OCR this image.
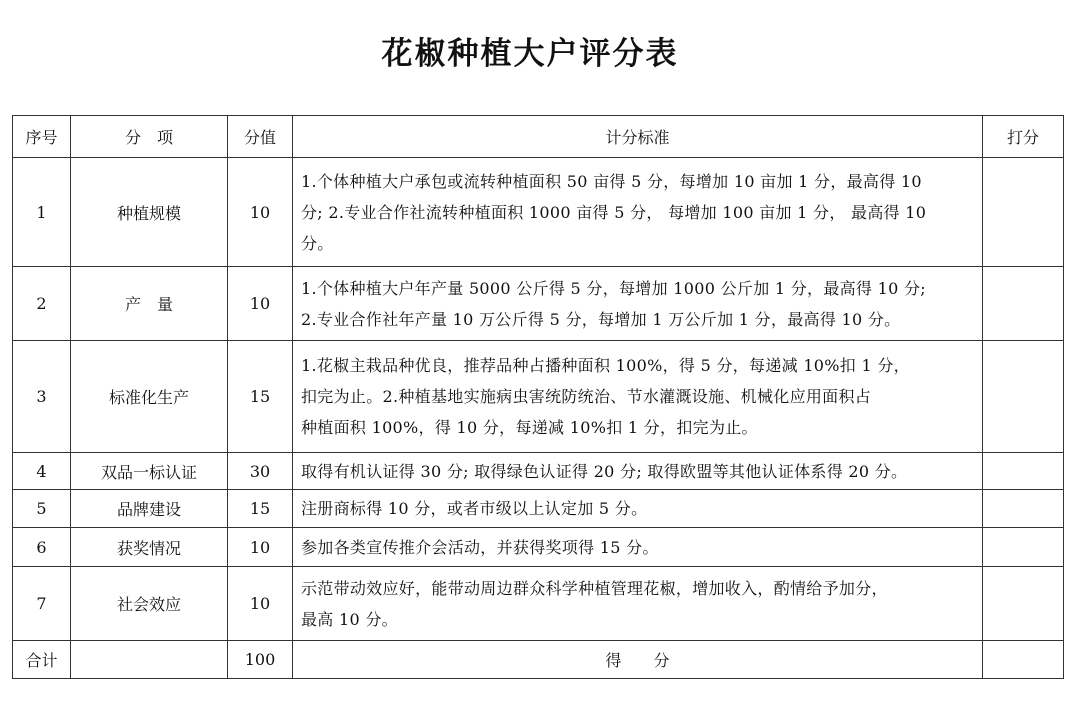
花椒种植大户评分表
序号	分　项	分值	计分标准	打分
1	种植规模	10	1.个体种植大户承包或流转种植面积 50 亩得 5 分，每增加 10 亩加 1 分，最高得 10
分; 2.专业合作社流转种植面积 1000 亩得 5 分， 每增加 100 亩加 1 分， 最高得 10
分。	

2	产　量	10	1.个体种植大户年产量 5000 公斤得 5 分，每增加 1000 公斤加 1 分，最高得 10 分;
2.专业合作社年产量 10 万公斤得 5 分，每增加 1 万公斤加 1 分，最高得 10 分。	

3	标准化生产	15	1.花椒主栽品种优良，推荐品种占播种面积 100%，得 5 分，每递减 10%扣 1 分，
扣完为止。2.种植基地实施病虫害统防统治、节水灌溉设施、机械化应用面积占
种植面积 100%，得 10 分，每递减 10%扣 1 分，扣完为止。	

4	双品一标认证	30	取得有机认证得 30 分; 取得绿色认证得 20 分; 取得欧盟等其他认证体系得 20 分。	

5	品牌建设	15	注册商标得 10 分，或者市级以上认定加 5 分。	

6	获奖情况	10	参加各类宣传推介会活动，并获得奖项得 15 分。	

7	社会效应	10	示范带动效应好，能带动周边群众科学种植管理花椒，增加收入，酌情给予加分，
最高 10 分。	

合计		100	得　　分	
